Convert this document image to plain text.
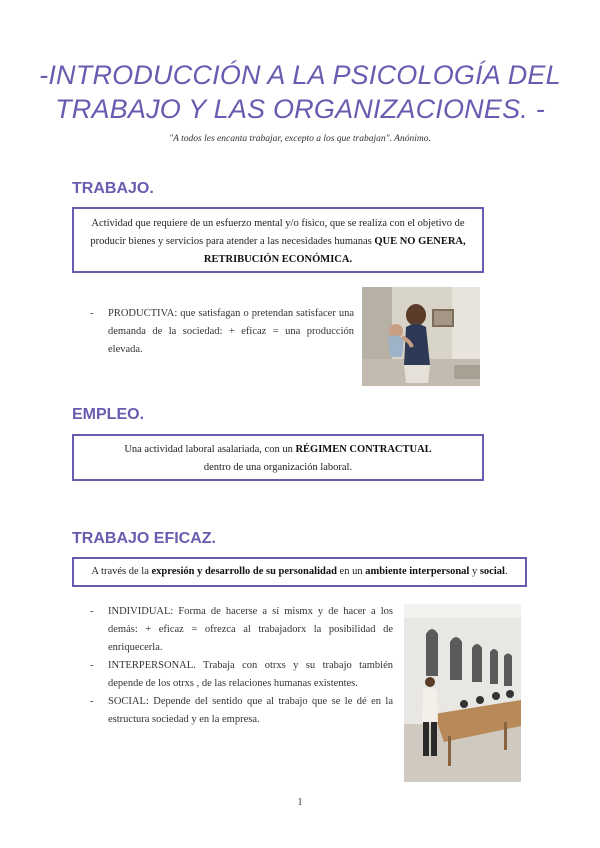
-INTRODUCCIÓN A LA PSICOLOGÍA DEL
TRABAJO Y LAS ORGANIZACIONES. -
"A todos les encanta trabajar, excepto a los que trabajan". Anónimo.
TRABAJO.
Actividad que requiere de un esfuerzo mental y/o físico, que se realiza con el objetivo de producir bienes y servicios para atender a las necesidades humanas QUE NO GENERA, RETRIBUCIÓN ECONÓMICA.

- PRODUCTIVA: que satisfagan o pretendan satisfacer una demanda de la sociedad: + eficaz = una producción elevada.

EMPLEO.
Una actividad laboral asalariada, con un RÉGIMEN CONTRACTUAL dentro de una organización laboral.
TRABAJO EFICAZ.
A través de la expresión y desarrollo de su personalidad en un ambiente interpersonal y social.

- INDIVIDUAL: Forma de hacerse a sí mismx y de hacer a los demás: + eficaz = ofrezca al trabajadorx la posibilidad de enriquecerla.

- INTERPERSONAL. Trabaja con otrxs y su trabajo también depende de los otrxs , de las relaciones humanas existentes.

- SOCIAL: Depende del sentido que al trabajo que se le dé en la estructura sociedad y en la empresa.

1
